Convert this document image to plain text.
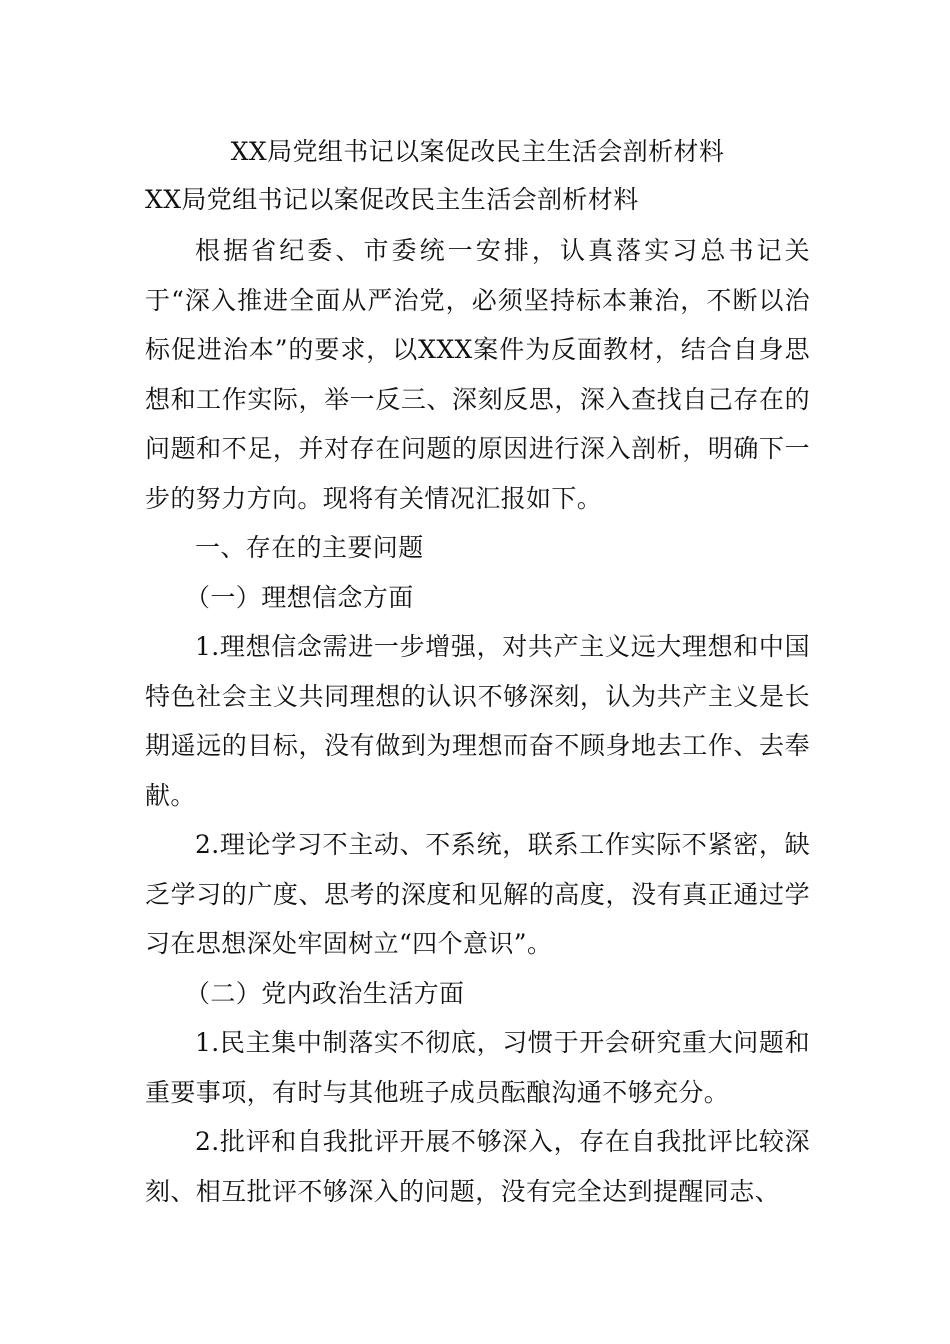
XX局党组书记以案促改民主生活会剖析材料

XX局党组书记以案促改民主生活会剖析材料

根据省纪委、市委统一安排，认真落实习总书记关于“深入推进全面从严治党，必须坚持标本兼治，不断以治标促进治本”的要求，以XXX案件为反面教材，结合自身思想和工作实际，举一反三、深刻反思，深入查找自己存在的问题和不足，并对存在问题的原因进行深入剖析，明确下一步的努力方向。现将有关情况汇报如下。

一、存在的主要问题

（一）理想信念方面

1.理想信念需进一步增强，对共产主义远大理想和中国特色社会主义共同理想的认识不够深刻，认为共产主义是长期遥远的目标，没有做到为理想而奋不顾身地去工作、去奉献。

2.理论学习不主动、不系统，联系工作实际不紧密，缺乏学习的广度、思考的深度和见解的高度，没有真正通过学习在思想深处牢固树立“四个意识”。

（二）党内政治生活方面

1.民主集中制落实不彻底，习惯于开会研究重大问题和重要事项，有时与其他班子成员酝酿沟通不够充分。

2.批评和自我批评开展不够深入，存在自我批评比较深刻、相互批评不够深入的问题，没有完全达到提醒同志、
